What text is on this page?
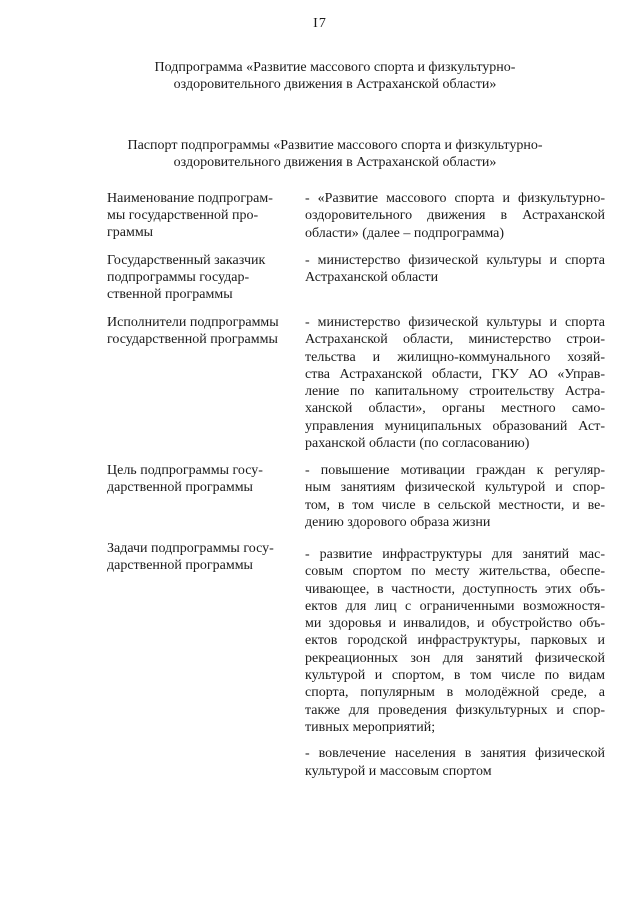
I7
Подпрограмма «Развитие массового спорта и физкультурно-
оздоровительного движения в Астраханской области»
Паспорт подпрограммы «Развитие массового спорта и физкультурно-
оздоровительного движения в Астраханской области»
Наименование подпрограм-
мы государственной про-
граммы
- «Развитие массового спорта и физкультурно-
оздоровительного движения в Астраханской
области» (далее – подпрограмма)
Государственный заказчик
подпрограммы государ-
ственной программы
- министерство физической культуры и спорта
Астраханской области
Исполнители подпрограммы
государственной программы
- министерство физической культуры и спорта
Астраханской области, министерство строи-
тельства и жилищно-коммунального хозяй-
ства Астраханской области, ГКУ АО «Управ-
ление по капитальному строительству Астра-
ханской области», органы местного само-
управления муниципальных образований Аст-
раханской области (по согласованию)
Цель подпрограммы госу-
дарственной программы
- повышение мотивации граждан к регуляр-
ным занятиям физической культурой и спор-
том, в том числе в сельской местности, и ве-
дению здорового образа жизни
Задачи подпрограммы госу-
дарственной программы
- развитие инфраструктуры для занятий мас-
совым спортом по месту жительства, обеспе-
чивающее, в частности, доступность этих объ-
ектов для лиц с ограниченными возможностя-
ми здоровья и инвалидов, и обустройство объ-
ектов городской инфраструктуры, парковых и
рекреационных зон для занятий физической
культурой и спортом, в том числе по видам
спорта, популярным в молодёжной среде, а
также для проведения физкультурных и спор-
тивных мероприятий;
- вовлечение населения в занятия физической
культурой и массовым спортом
